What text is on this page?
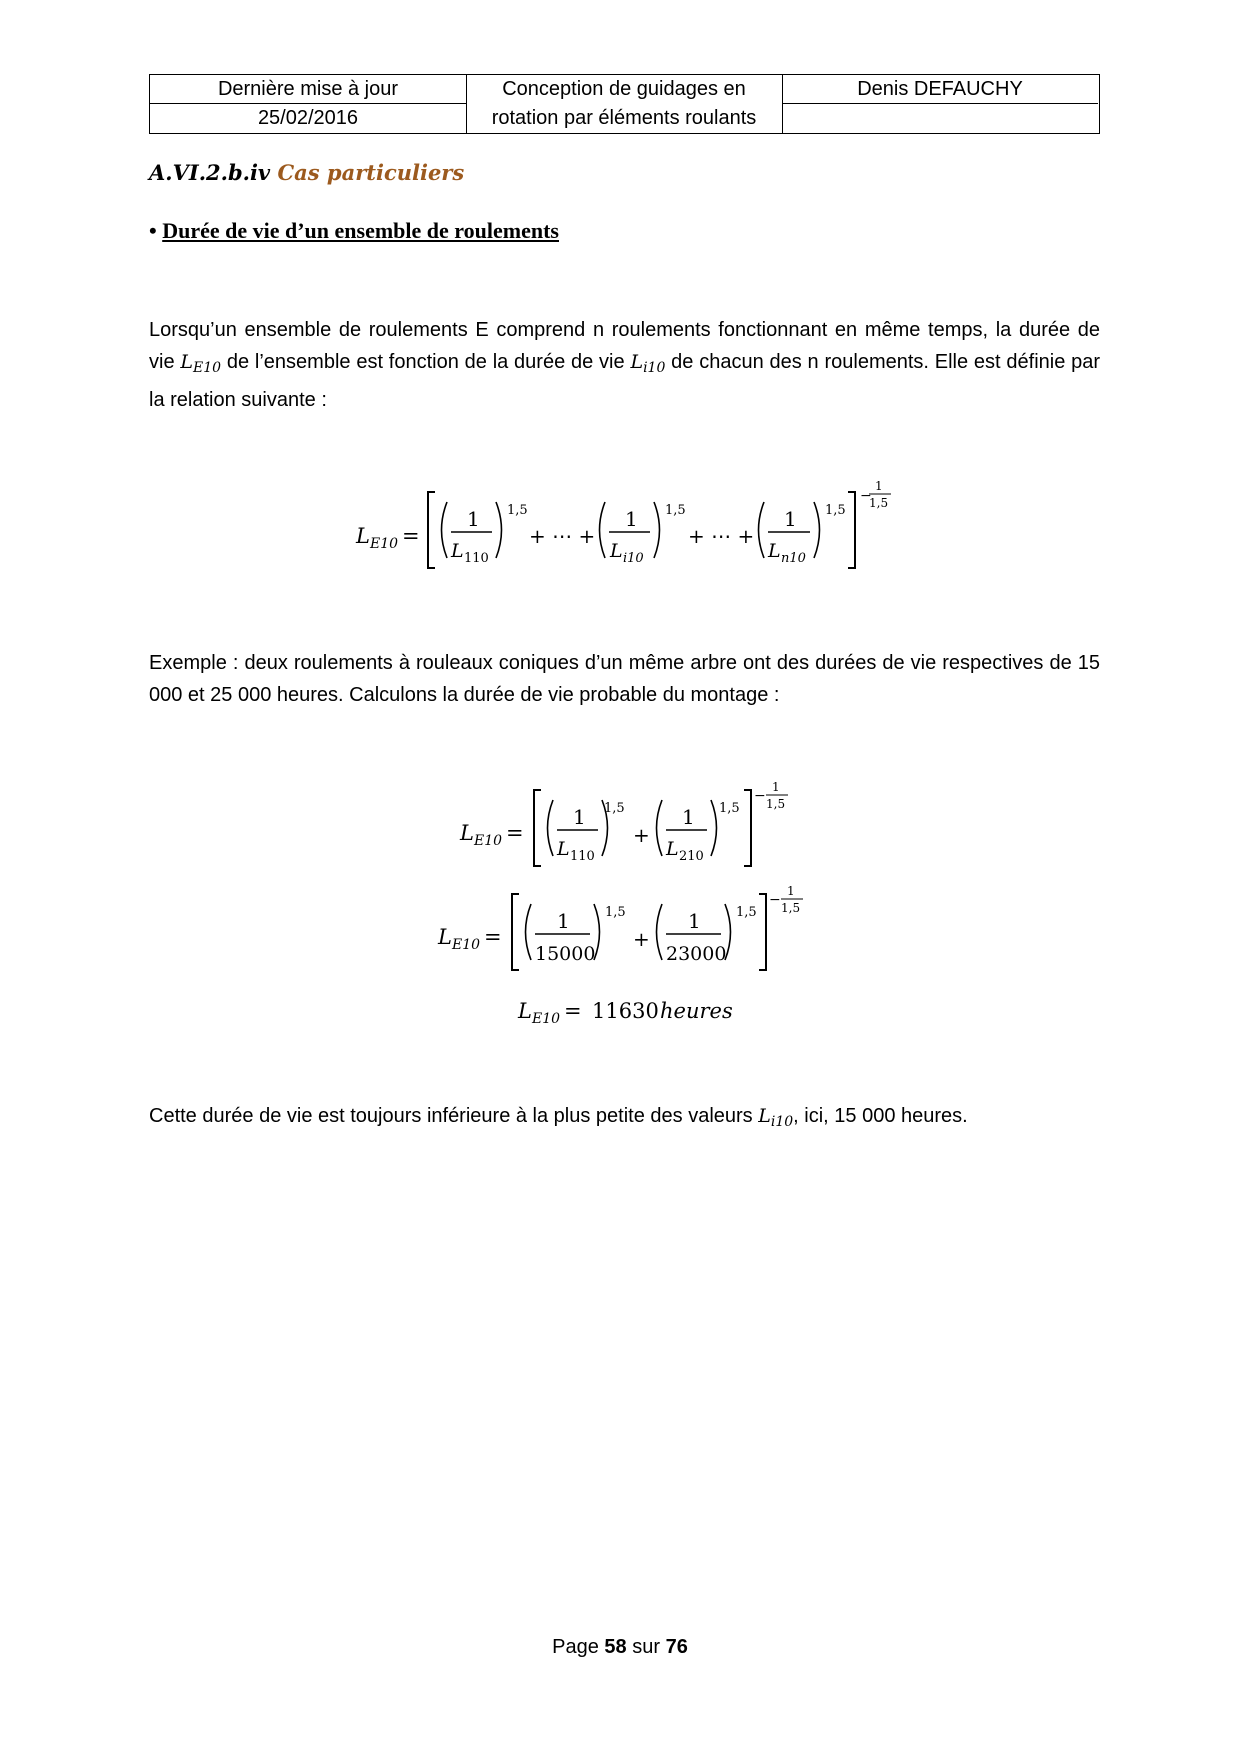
Dernière mise à jour
25/02/2016
Conception de guidages en
rotation par éléments roulants
Denis DEFAUCHY
A.VI.2.b.iv Cas particuliers
• Durée de vie d’un ensemble de roulements
Lorsqu’un ensemble de roulements E comprend n roulements fonctionnant en même temps, la durée de vie $L_{E10}$ de l’ensemble est fonction de la durée de vie $L_{i10}$ de chacun des n roulements. Elle est définie par la relation suivante :
L E10 =
1
L 110
1,5
+ ⋯ +
1
L i10
1,5
+ ⋯ +
1
L n10
1,5
−
1
1,5
Exemple : deux roulements à rouleaux coniques d’un même arbre ont des durées de vie respectives de 15 000 et 25 000 heures. Calculons la durée de vie probable du montage :
L E10 =
1
L 110
1,5
+
1
L 210
1,5
−
1
1,5
L E10 =
1
15000
1,5
+
1
23000
1,5
−
1
1,5
L E10 = 11630 heures
Cette durée de vie est toujours inférieure à la plus petite des valeurs $L_{i10}$, ici, 15 000 heures.
Page 58 sur 76
